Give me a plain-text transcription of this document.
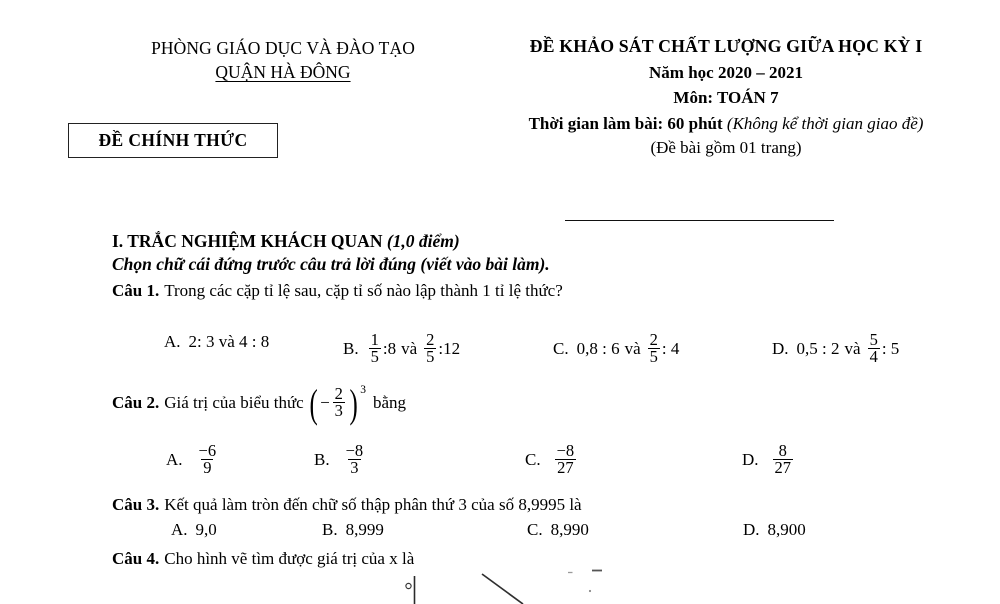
PHÒNG GIÁO DỤC VÀ ĐÀO TẠO
QUẬN HÀ ĐÔNG
ĐỀ CHÍNH THỨC
ĐỀ KHẢO SÁT CHẤT LƯỢNG GIỮA HỌC KỲ I
Năm học 2020 – 2021
Môn: TOÁN 7
Thời gian làm bài: 60 phút (Không kể thời gian giao đề)
(Đề bài gồm 01 trang)
I. TRẮC NGHIỆM KHÁCH QUAN (1,0 điểm)
Chọn chữ cái đứng trước câu trả lời đúng (viết vào bài làm).
Câu 1. Trong các cặp tỉ lệ sau, cặp tỉ số nào lập thành 1 tỉ lệ thức?
A. 2: 3 và 4 : 8	B. $\frac{1}{5}$ :8 và $\frac{2}{5}$ :12	C. 0,8 : 6 và $\frac{2}{5}$ : 4	D. 0,5 : 2 và $\frac{5}{4}$ : 5
Câu 2. Giá trị của biểu thức ( − $\frac{2}{3}$ ) 3
bằng
A. $\frac{-6}{9}$	B. $\frac{-8}{3}$	C. $\frac{-8}{27}$	D. $\frac{8}{27}$
Câu 3. Kết quả làm tròn đến chữ số thập phân thứ 3 của số 8,9995 là
A. 9,0	B. 8,999	C. 8,990	D. 8,900
Câu 4. Cho hình vẽ tìm được giá trị của x là
